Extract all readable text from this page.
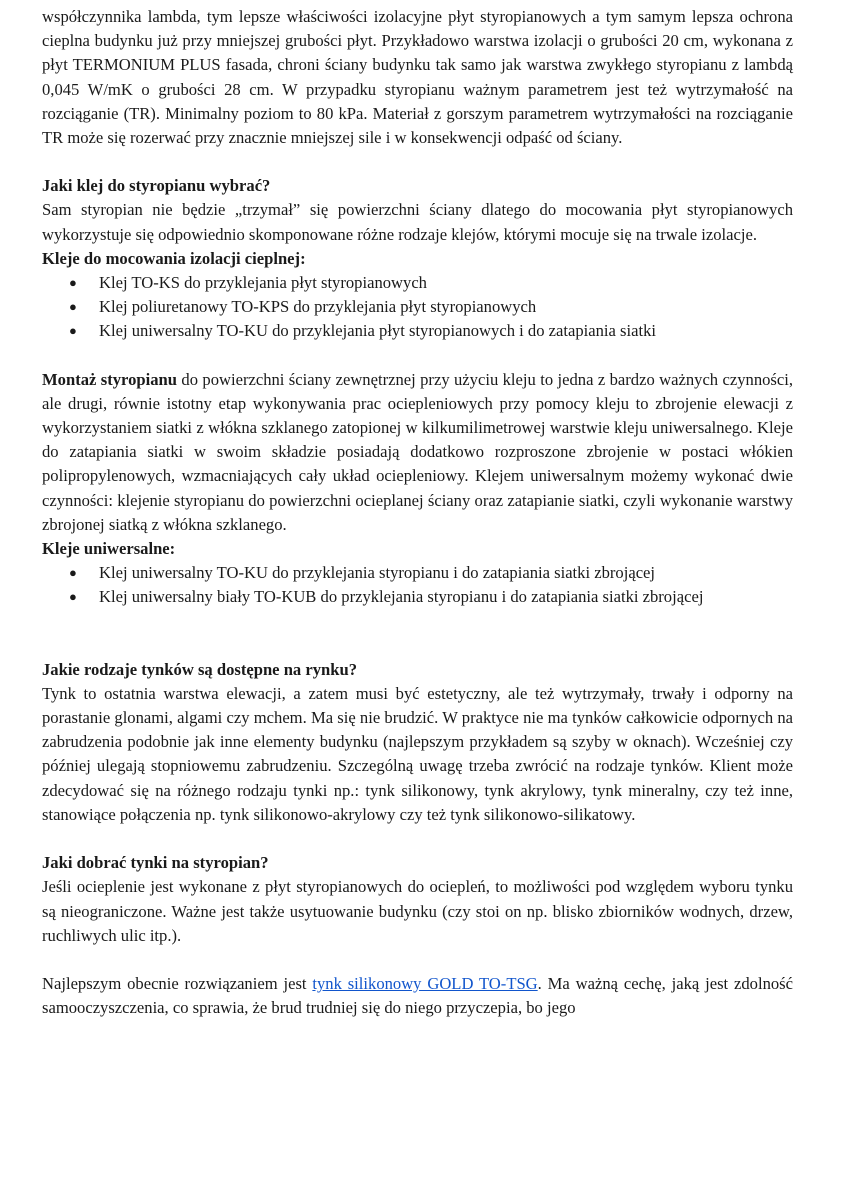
współczynnika lambda, tym lepsze właściwości izolacyjne płyt styropianowych a tym samym lepsza ochrona cieplna budynku już przy mniejszej grubości płyt. Przykładowo warstwa izolacji o grubości 20 cm, wykonana z płyt TERMONIUM PLUS fasada, chroni ściany budynku tak samo jak warstwa zwykłego styropianu z lambdą 0,045 W/mK o grubości 28 cm. W przypadku styropianu ważnym parametrem jest też wytrzymałość na rozciąganie (TR). Minimalny poziom to 80 kPa. Materiał z gorszym parametrem wytrzymałości na rozciąganie TR może się rozerwać przy znacznie mniejszej sile i w konsekwencji odpaść od ściany.

Jaki klej do styropianu wybrać?

Sam styropian nie będzie „trzymał” się powierzchni ściany dlatego do mocowania płyt styropianowych wykorzystuje się odpowiednio skomponowane różne rodzaje klejów, którymi mocuje się na trwale izolacje.

Kleje do mocowania izolacji cieplnej:

● Klej TO-KS do przyklejania płyt styropianowych
● Klej poliuretanowy TO-KPS do przyklejania płyt styropianowych
● Klej uniwersalny TO-KU do przyklejania płyt styropianowych i do zatapiania siatki

Montaż styropianu do powierzchni ściany zewnętrznej przy użyciu kleju to jedna z bardzo ważnych czynności, ale drugi, równie istotny etap wykonywania prac ociepleniowych przy pomocy kleju to zbrojenie elewacji z wykorzystaniem siatki z włókna szklanego zatopionej w kilkumilimetrowej warstwie kleju uniwersalnego. Kleje do zatapiania siatki w swoim składzie posiadają dodatkowo rozproszone zbrojenie w postaci włókien polipropylenowych, wzmacniających cały układ ociepleniowy. Klejem uniwersalnym możemy wykonać dwie czynności: klejenie styropianu do powierzchni ocieplanej ściany oraz zatapianie siatki, czyli wykonanie warstwy zbrojonej siatką z włókna szklanego.

Kleje uniwersalne:

● Klej uniwersalny TO-KU do przyklejania styropianu i do zatapiania siatki zbrojącej
● Klej uniwersalny biały TO-KUB do przyklejania styropianu i do zatapiania siatki zbrojącej

Jakie rodzaje tynków są dostępne na rynku?

Tynk to ostatnia warstwa elewacji, a zatem musi być estetyczny, ale też wytrzymały, trwały i odporny na porastanie glonami, algami czy mchem. Ma się nie brudzić. W praktyce nie ma tynków całkowicie odpornych na zabrudzenia podobnie jak inne elementy budynku (najlepszym przykładem są szyby w oknach). Wcześniej czy później ulegają stopniowemu zabrudzeniu. Szczególną uwagę trzeba zwrócić na rodzaje tynków. Klient może zdecydować się na różnego rodzaju tynki np.: tynk silikonowy, tynk akrylowy, tynk mineralny, czy też inne, stanowiące połączenia np. tynk silikonowo-akrylowy czy też tynk silikonowo-silikatowy.

Jaki dobrać tynki na styropian?

Jeśli ocieplenie jest wykonane z płyt styropianowych do ociepleń, to możliwości pod względem wyboru tynku są nieograniczone. Ważne jest także usytuowanie budynku (czy stoi on np. blisko zbiorników wodnych, drzew, ruchliwych ulic itp.).

Najlepszym obecnie rozwiązaniem jest tynk silikonowy GOLD TO-TSG. Ma ważną cechę, jaką jest zdolność samooczyszczenia, co sprawia, że brud trudniej się do niego przyczepia, bo jego
